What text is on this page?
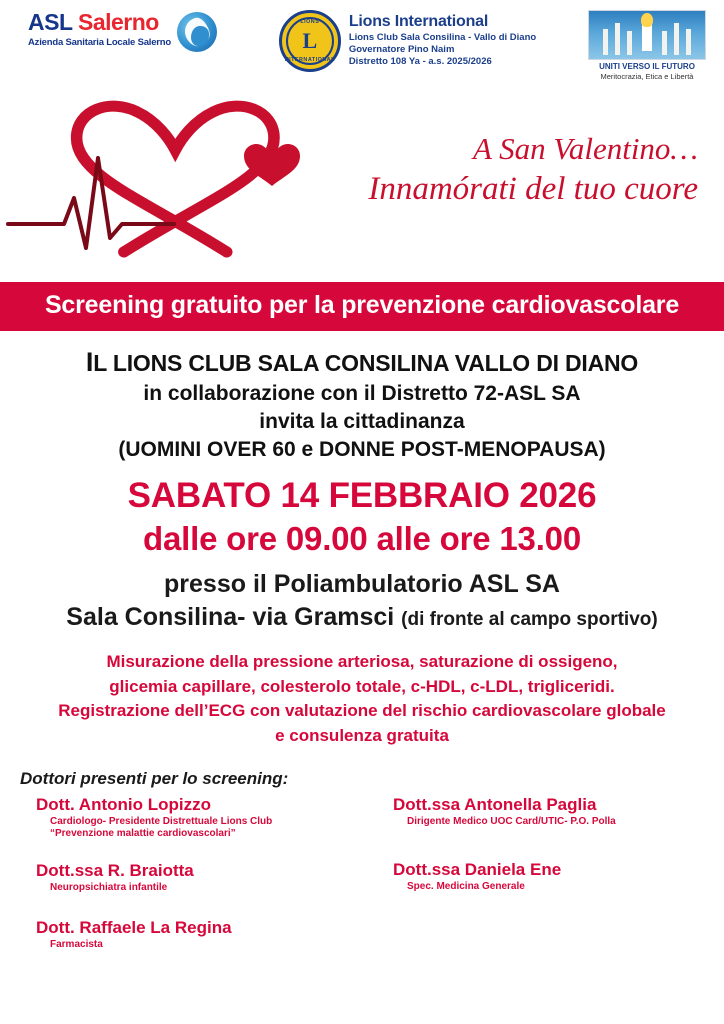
ASL Salerno
Azienda Sanitaria Locale Salerno
LIONS
L
INTERNATIONAL
Lions International
Lions Club Sala Consilina - Vallo di Diano
Governatore Pino Naim
Distretto 108 Ya - a.s. 2025/2026	UNITI VERSO IL FUTURO
Meritocrazia, Etica e Libertà
A San Valentino…
Innamórati del tuo cuore
Screening gratuito per la prevenzione cardiovascolare
IL LIONS CLUB SALA CONSILINA VALLO DI DIANO
in collaborazione con il Distretto 72-ASL SA
invita la cittadinanza
(UOMINI OVER 60 e DONNE POST-MENOPAUSA)
SABATO 14 FEBBRAIO 2026
dalle ore 09.00 alle ore 13.00
presso il Poliambulatorio ASL SA
Sala Consilina- via Gramsci (di fronte al campo sportivo)
Misurazione della pressione arteriosa, saturazione di ossigeno,
glicemia capillare, colesterolo totale, c-HDL, c-LDL, trigliceridi.
Registrazione dell’ECG con valutazione del rischio cardiovascolare globale
e consulenza gratuita
Dottori presenti per lo screening:
Dott. Antonio Lopizzo
Cardiologo- Presidente Distrettuale Lions Club
“Prevenzione malattie cardiovascolari”
Dott.ssa R. Braiotta
Neuropsichiatra infantile
Dott. Raffaele La Regina
Farmacista
Dott.ssa Antonella Paglia
Dirigente Medico UOC Card/UTIC- P.O. Polla
Dott.ssa Daniela Ene
Spec. Medicina Generale
